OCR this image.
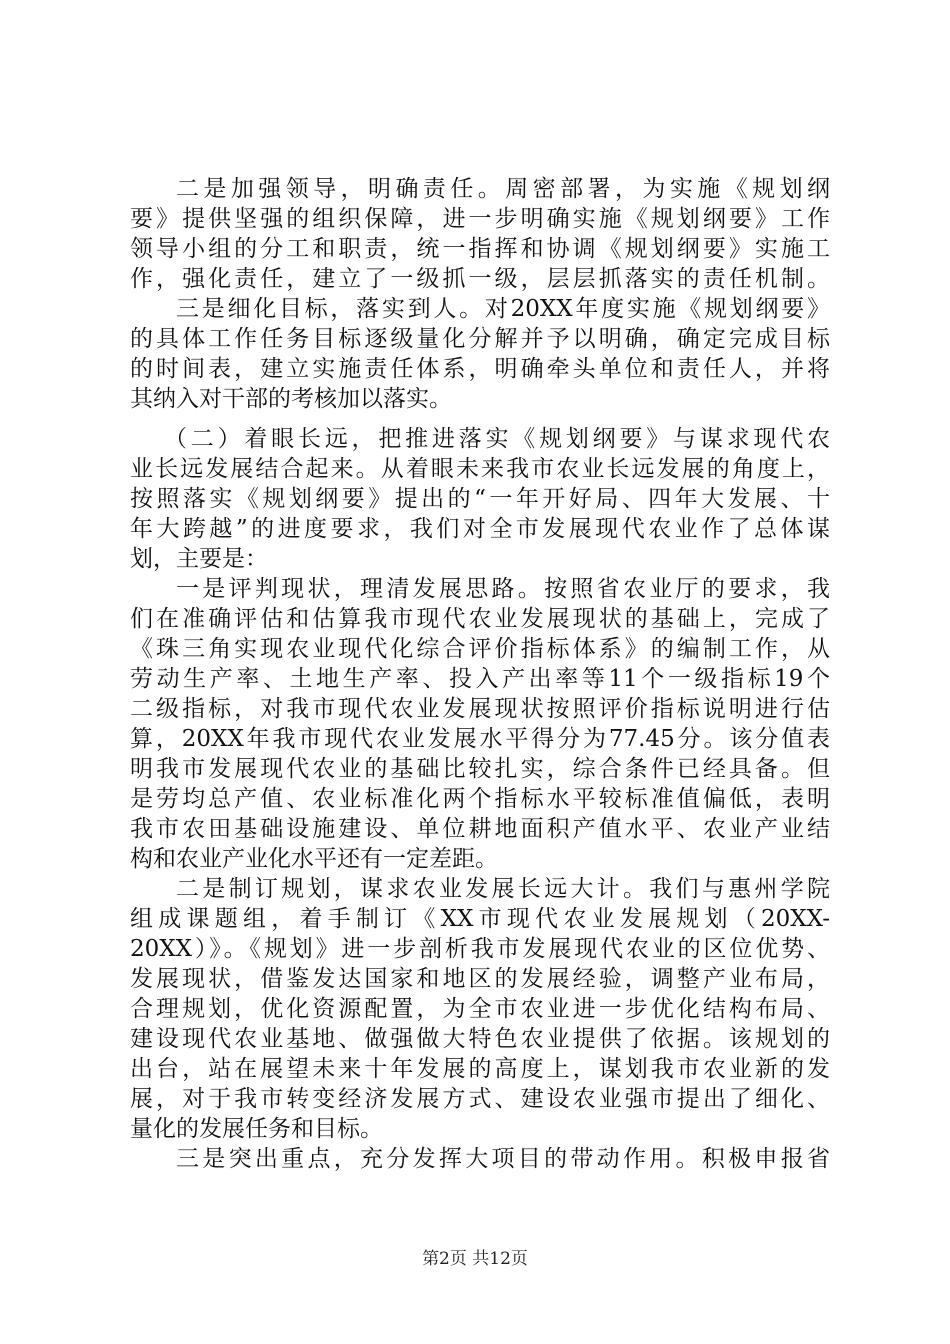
二是加强领导，明确责任。周密部署，为实施《规划纲
要》提供坚强的组织保障，进一步明确实施《规划纲要》工作
领导小组的分工和职责，统一指挥和协调《规划纲要》实施工
作，强化责任，建立了一级抓一级，层层抓落实的责任机制。
三是细化目标，落实到人。对20XX年度实施《规划纲要》
的具体工作任务目标逐级量化分解并予以明确，确定完成目标
的时间表，建立实施责任体系，明确牵头单位和责任人，并将
其纳入对干部的考核加以落实。
（二）着眼长远，把推进落实《规划纲要》与谋求现代农
业长远发展结合起来。从着眼未来我市农业长远发展的角度上，
按照落实《规划纲要》提出的“一年开好局、四年大发展、十
年大跨越”的进度要求，我们对全市发展现代农业作了总体谋
划，主要是：
一是评判现状，理清发展思路。按照省农业厅的要求，我
们在准确评估和估算我市现代农业发展现状的基础上，完成了
《珠三角实现农业现代化综合评价指标体系》的编制工作，从
劳动生产率、土地生产率、投入产出率等11个一级指标19个
二级指标，对我市现代农业发展现状按照评价指标说明进行估
算，20XX年我市现代农业发展水平得分为77.45分。该分值表
明我市发展现代农业的基础比较扎实，综合条件已经具备。但
是劳均总产值、农业标准化两个指标水平较标准值偏低，表明
我市农田基础设施建设、单位耕地面积产值水平、农业产业结
构和农业产业化水平还有一定差距。
二是制订规划，谋求农业发展长远大计。我们与惠州学院
组成课题组，着手制订《XX市现代农业发展规划（20XX-
20XX）》。《规划》进一步剖析我市发展现代农业的区位优势、
发展现状，借鉴发达国家和地区的发展经验，调整产业布局，
合理规划，优化资源配置，为全市农业进一步优化结构布局、
建设现代农业基地、做强做大特色农业提供了依据。该规划的
出台，站在展望未来十年发展的高度上，谋划我市农业新的发
展，对于我市转变经济发展方式、建设农业强市提出了细化、
量化的发展任务和目标。
三是突出重点，充分发挥大项目的带动作用。积极申报省
第2页 共12页
